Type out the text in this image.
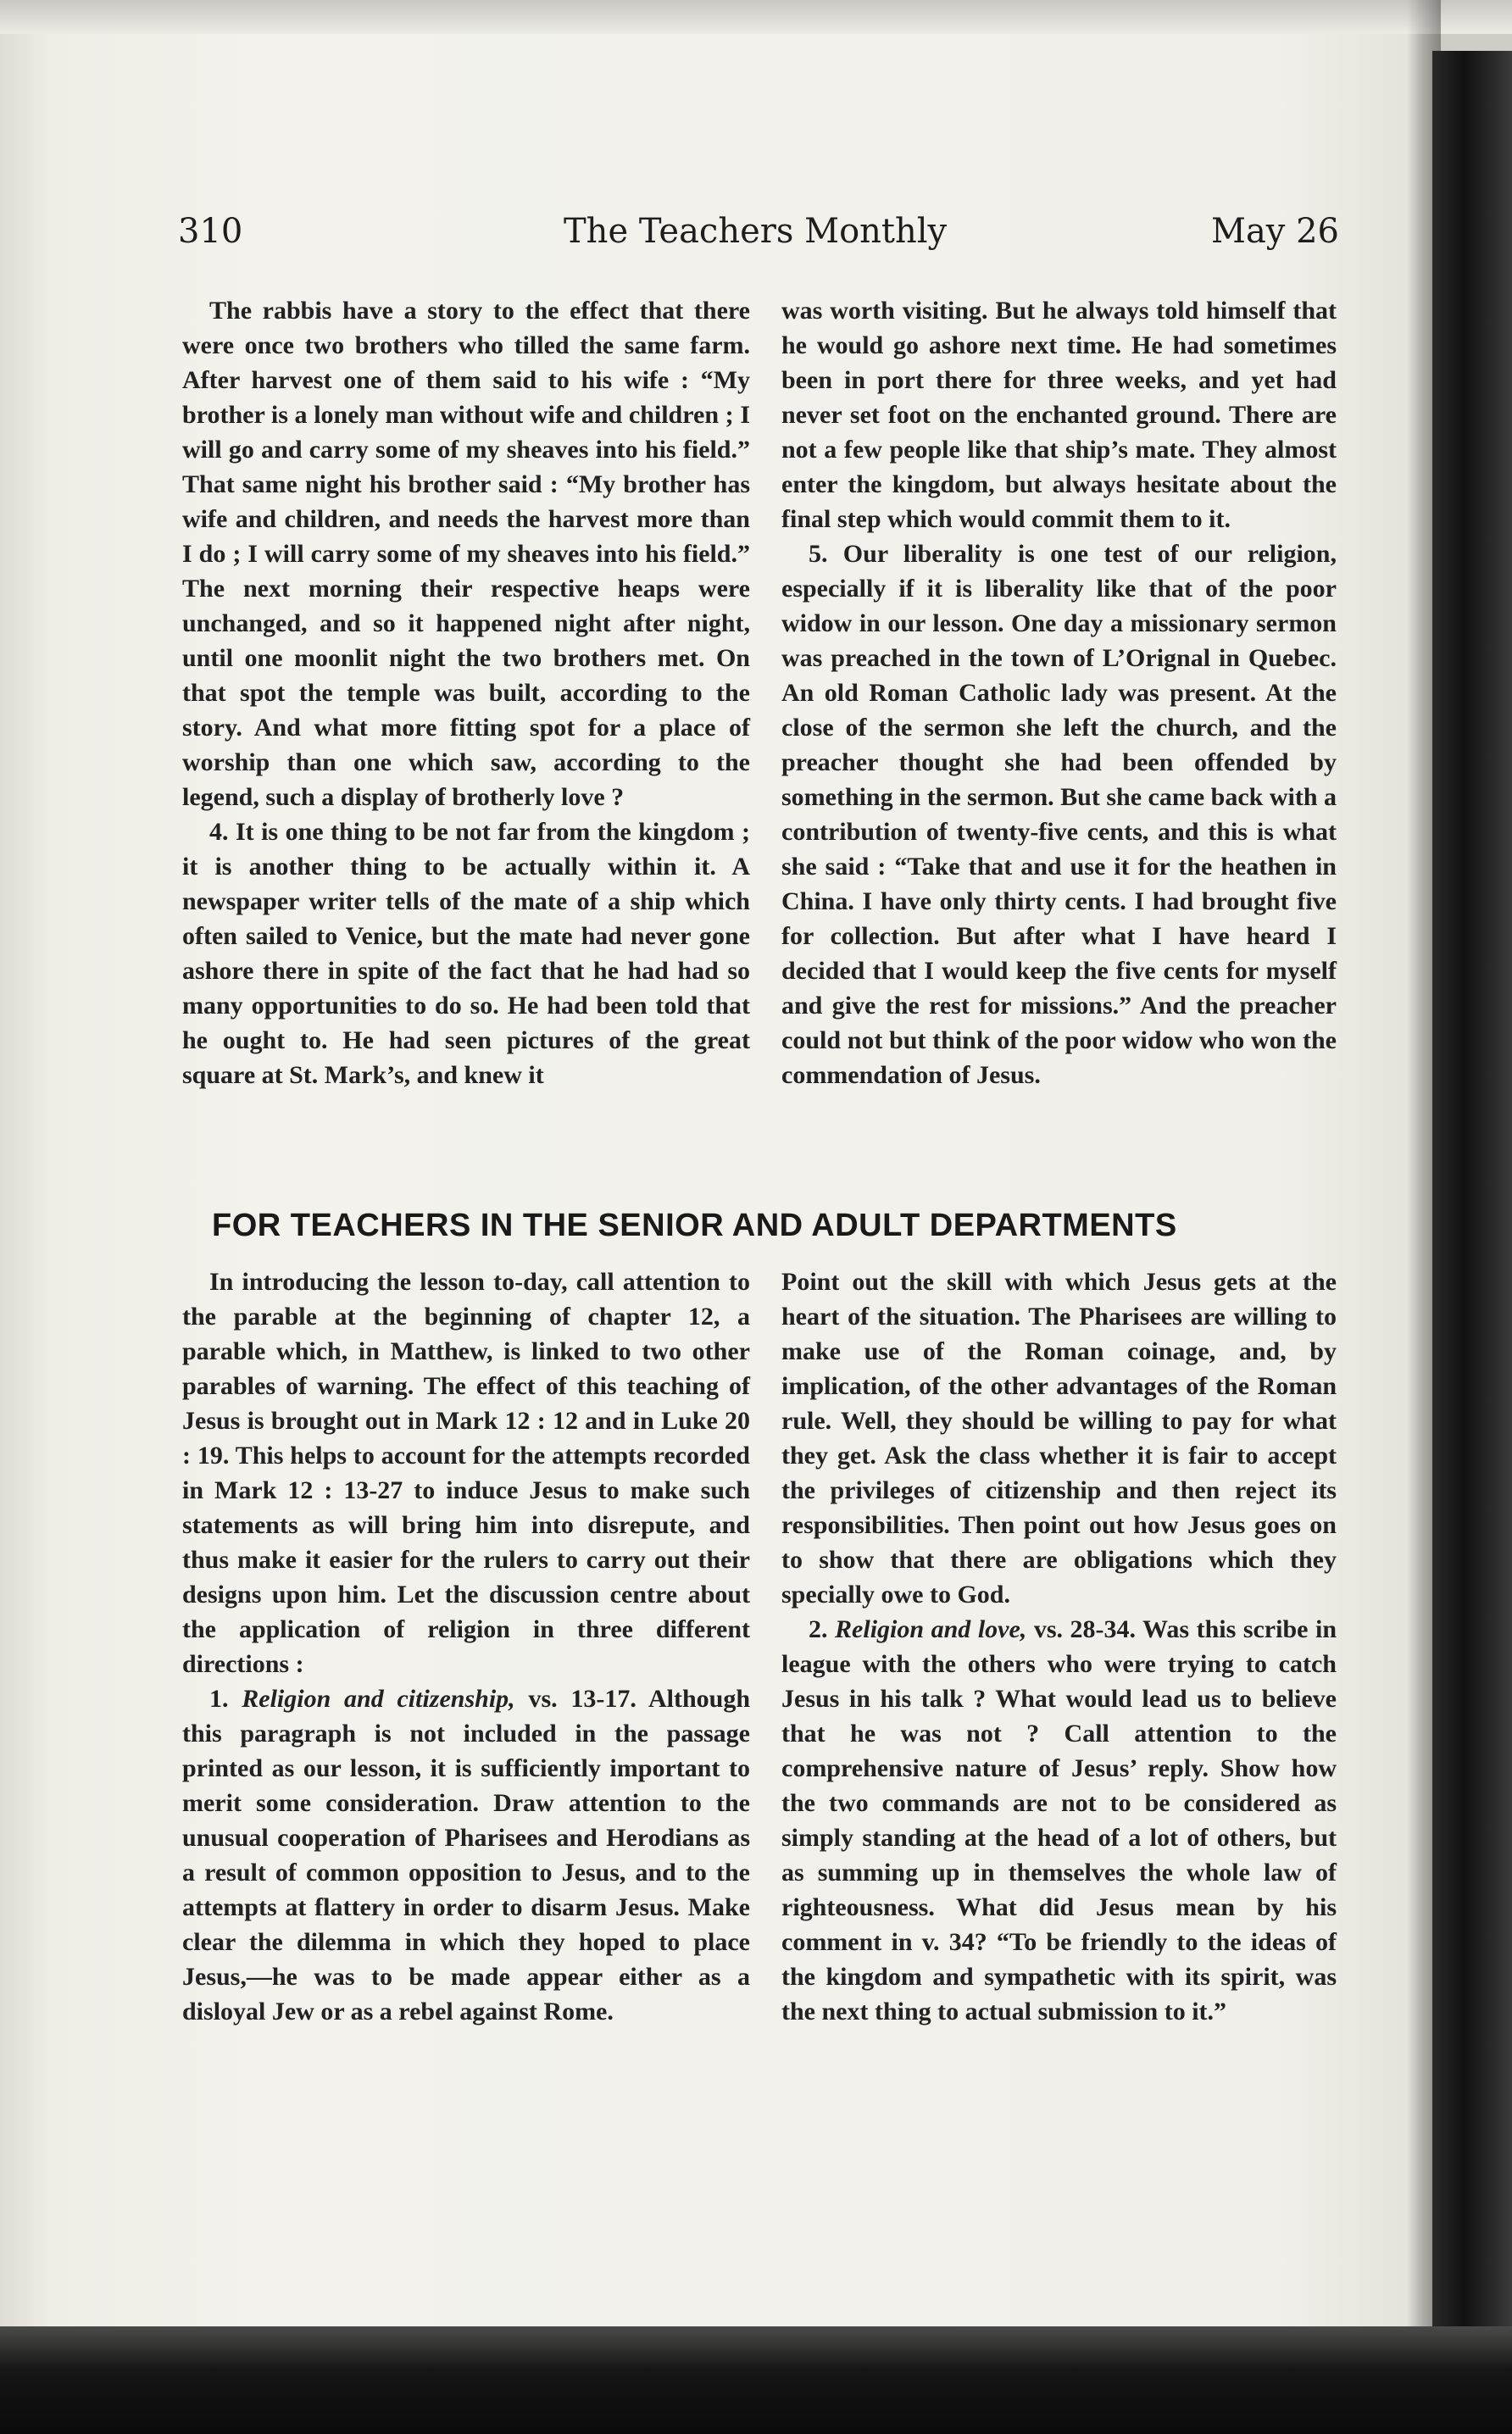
310	The Teachers Monthly	May 26

The rabbis have a story to the effect that there were once two brothers who tilled the same farm. After harvest one of them said to his wife : “My brother is a lonely man without wife and children ; I will go and carry some of my sheaves into his field.” That same night his brother said : “My brother has wife and children, and needs the harvest more than I do ; I will carry some of my sheaves into his field.” The next morning their respective heaps were unchanged, and so it happened night after night, until one moonlit night the two brothers met. On that spot the temple was built, according to the story. And what more fitting spot for a place of worship than one which saw, according to the legend, such a display of brotherly love ?

4. It is one thing to be not far from the kingdom ; it is another thing to be actually within it. A newspaper writer tells of the mate of a ship which often sailed to Venice, but the mate had never gone ashore there in spite of the fact that he had had so many opportunities to do so. He had been told that he ought to. He had seen pictures of the great square at St. Mark’s, and knew it

was worth visiting. But he always told himself that he would go ashore next time. He had sometimes been in port there for three weeks, and yet had never set foot on the enchanted ground. There are not a few people like that ship’s mate. They almost enter the kingdom, but always hesitate about the final step which would commit them to it.

5. Our liberality is one test of our religion, especially if it is liberality like that of the poor widow in our lesson. One day a missionary sermon was preached in the town of L’Orignal in Quebec. An old Roman Catholic lady was present. At the close of the sermon she left the church, and the preacher thought she had been offended by something in the sermon. But she came back with a contribution of twenty-five cents, and this is what she said : “Take that and use it for the heathen in China. I have only thirty cents. I had brought five for collection. But after what I have heard I decided that I would keep the five cents for myself and give the rest for missions.” And the preacher could not but think of the poor widow who won the commendation of Jesus.

FOR TEACHERS IN THE SENIOR AND ADULT DEPARTMENTS

In introducing the lesson to-day, call attention to the parable at the beginning of chapter 12, a parable which, in Matthew, is linked to two other parables of warning. The effect of this teaching of Jesus is brought out in Mark 12 : 12 and in Luke 20 : 19. This helps to account for the attempts recorded in Mark 12 : 13-27 to induce Jesus to make such statements as will bring him into disrepute, and thus make it easier for the rulers to carry out their designs upon him. Let the discussion centre about the application of religion in three different directions :

1. Religion and citizenship, vs. 13-17. Although this paragraph is not included in the passage printed as our lesson, it is sufficiently important to merit some consideration. Draw attention to the unusual cooperation of Pharisees and Herodians as a result of common opposition to Jesus, and to the attempts at flattery in order to disarm Jesus. Make clear the dilemma in which they hoped to place Jesus,—he was to be made appear either as a disloyal Jew or as a rebel against Rome.

Point out the skill with which Jesus gets at the heart of the situation. The Pharisees are willing to make use of the Roman coinage, and, by implication, of the other advantages of the Roman rule. Well, they should be willing to pay for what they get. Ask the class whether it is fair to accept the privileges of citizenship and then reject its responsibilities. Then point out how Jesus goes on to show that there are obligations which they specially owe to God.

2. Religion and love, vs. 28-34. Was this scribe in league with the others who were trying to catch Jesus in his talk ? What would lead us to believe that he was not ? Call attention to the comprehensive nature of Jesus’ reply. Show how the two commands are not to be considered as simply standing at the head of a lot of others, but as summing up in themselves the whole law of righteousness. What did Jesus mean by his comment in v. 34? “To be friendly to the ideas of the kingdom and sympathetic with its spirit, was the next thing to actual submission to it.”
